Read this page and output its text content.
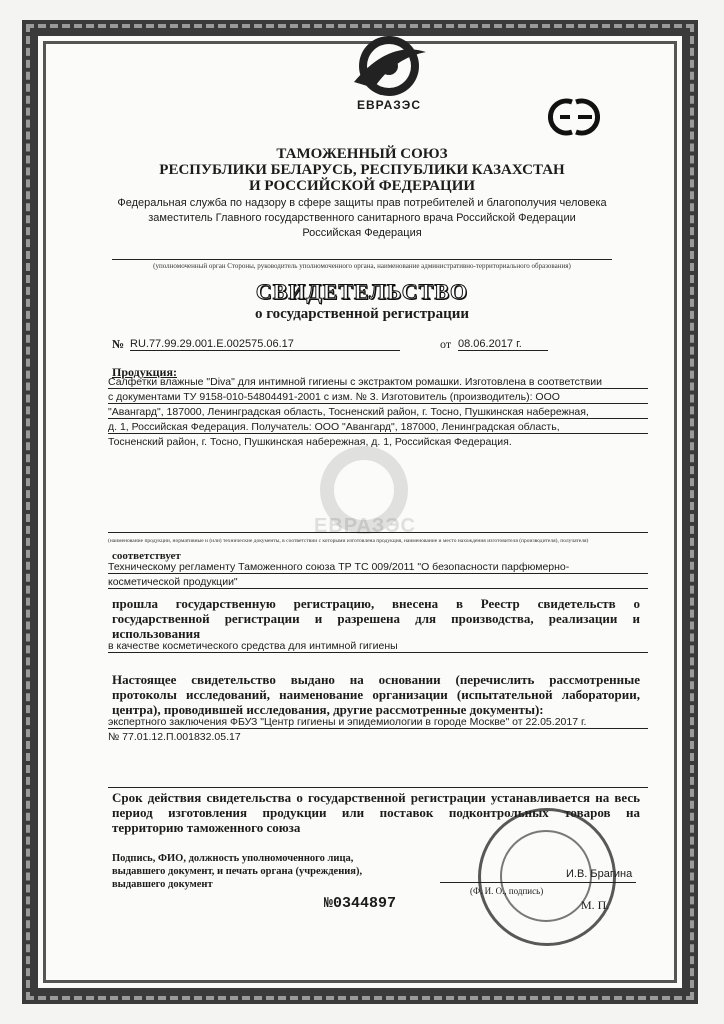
ЕВРАЗЭС
ТАМОЖЕННЫЙ СОЮЗ
РЕСПУБЛИКИ БЕЛАРУСЬ, РЕСПУБЛИКИ КАЗАХСТАН
И РОССИЙСКОЙ ФЕДЕРАЦИИ
Федеральная служба по надзору в сфере защиты прав потребителей и благополучия человека
заместитель Главного государственного санитарного врача Российской Федерации
Российская Федерация
(уполномоченный орган Стороны, руководитель уполномоченного органа, наименование административно-территориального образования)
СВИДЕТЕЛЬСТВО
о государственной регистрации
№ RU.77.99.29.001.Е.002575.06.17	от 08.06.2017 г.
Продукция:
Салфетки влажные "Diva" для интимной гигиены с экстрактом ромашки. Изготовлена в соответствии
с документами ТУ 9158-010-54804491-2001 с изм. № 3. Изготовитель (производитель): ООО
"Авангард", 187000, Ленинградская область, Тосненский район, г. Тосно, Пушкинская набережная,
д. 1, Российская Федерация. Получатель: ООО "Авангард", 187000, Ленинградская область,
Тосненский район, г. Тосно, Пушкинская набережная, д. 1, Российская Федерация.
ЕВРАЗЭС
(наименование продукции, нормативные и (или) технические документы, в соответствии с которыми изготовлена продукция, наименование и место нахождения изготовителя (производителя), получателя)
соответствует
Техническому регламенту Таможенного союза ТР ТС 009/2011 "О безопасности парфюмерно-
косметической продукции"
прошла государственную регистрацию, внесена в Реестр свидетельств о
государственной регистрации и разрешена для производства, реализации и
использования
в качестве косметического средства для интимной гигиены
Настоящее свидетельство выдано на основании (перечислить рассмотренные
протоколы исследований, наименование организации (испытательной лаборатории,
центра), проводившей исследования, другие рассмотренные документы):
экспертного заключения ФБУЗ "Центр гигиены и эпидемиологии в городе Москве" от 22.05.2017 г.
№ 77.01.12.П.001832.05.17
Срок действия свидетельства о государственной регистрации устанавливается на весь
период изготовления продукции или поставок подконтрольных товаров на
территорию таможенного союза
Подпись, ФИО, должность уполномоченного лица,
выдавшего документ, и печать органа (учреждения),
выдавшего документ
И.В. Брагина
(Ф. И. О., подпись)
М. П.
№0344897
